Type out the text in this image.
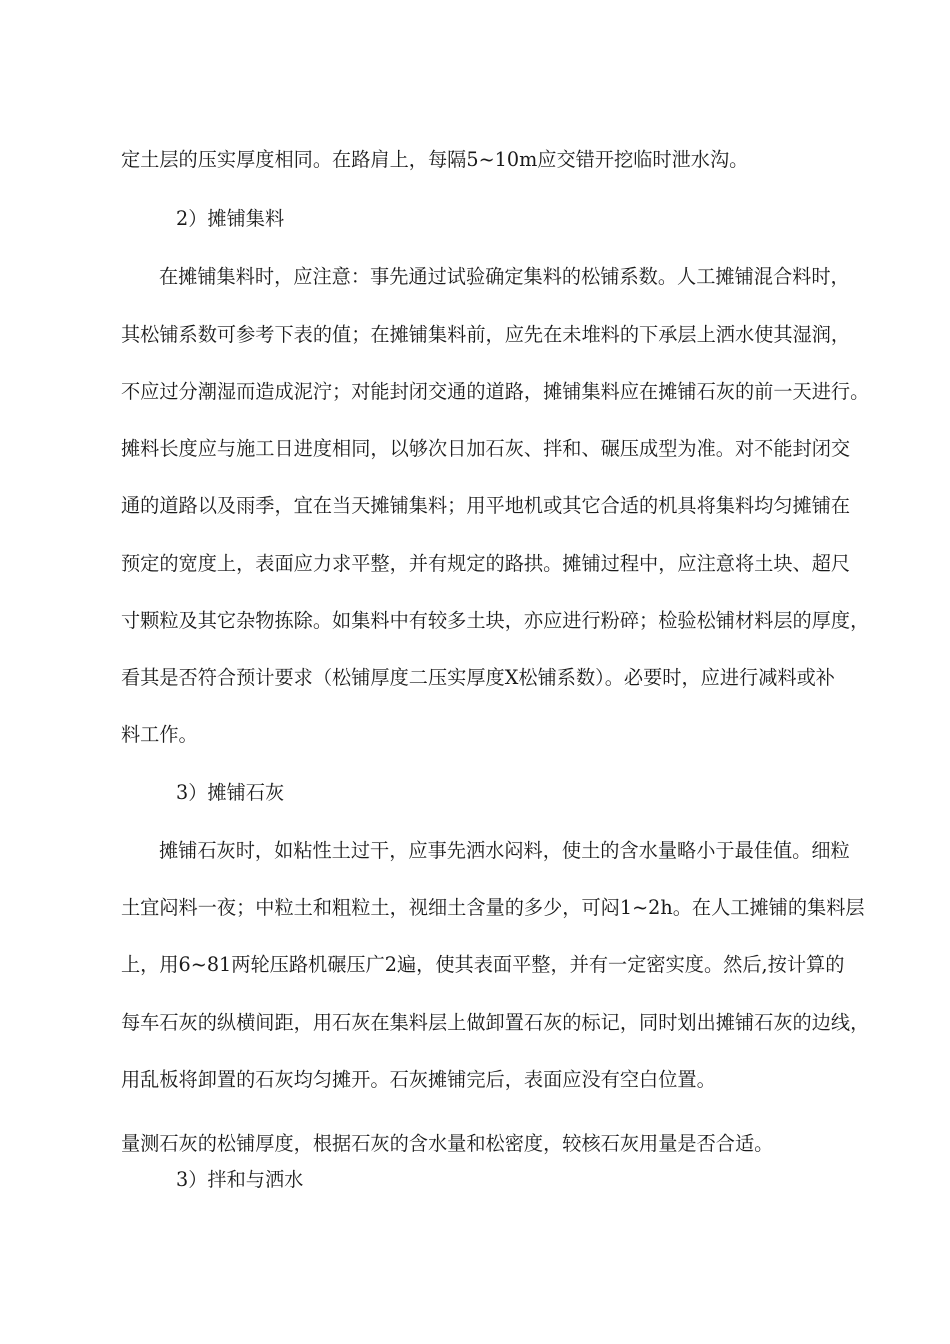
定土层的压实厚度相同。在路肩上，每隔5~10m应交错开挖临时泄水沟。
2）摊铺集料
在摊铺集料时，应注意：事先通过试验确定集料的松铺系数。人工摊铺混合料时，
其松铺系数可参考下表的值；在摊铺集料前，应先在未堆料的下承层上洒水使其湿润，
不应过分潮湿而造成泥泞；对能封闭交通的道路，摊铺集料应在摊铺石灰的前一天进行。
摊料长度应与施工日进度相同，以够次日加石灰、拌和、碾压成型为准。对不能封闭交
通的道路以及雨季，宜在当天摊铺集料；用平地机或其它合适的机具将集料均匀摊铺在
预定的宽度上，表面应力求平整，并有规定的路拱。摊铺过程中，应注意将土块、超尺
寸颗粒及其它杂物拣除。如集料中有较多土块，亦应进行粉碎；检验松铺材料层的厚度，
看其是否符合预计要求（松铺厚度二压实厚度X松铺系数）。必要时，应进行减料或补
料工作。
3）摊铺石灰
摊铺石灰时，如粘性土过干，应事先洒水闷料，使土的含水量略小于最佳值。细粒
土宜闷料一夜；中粒土和粗粒土，视细土含量的多少，可闷1~2h。在人工摊铺的集料层
上，用6~81两轮压路机碾压广2遍，使其表面平整，并有一定密实度。然后,按计算的
每车石灰的纵横间距，用石灰在集料层上做卸置石灰的标记，同时划出摊铺石灰的边线，
用乱板将卸置的石灰均匀摊开。石灰摊铺完后，表面应没有空白位置。
量测石灰的松铺厚度，根据石灰的含水量和松密度，较核石灰用量是否合适。
3）拌和与洒水
